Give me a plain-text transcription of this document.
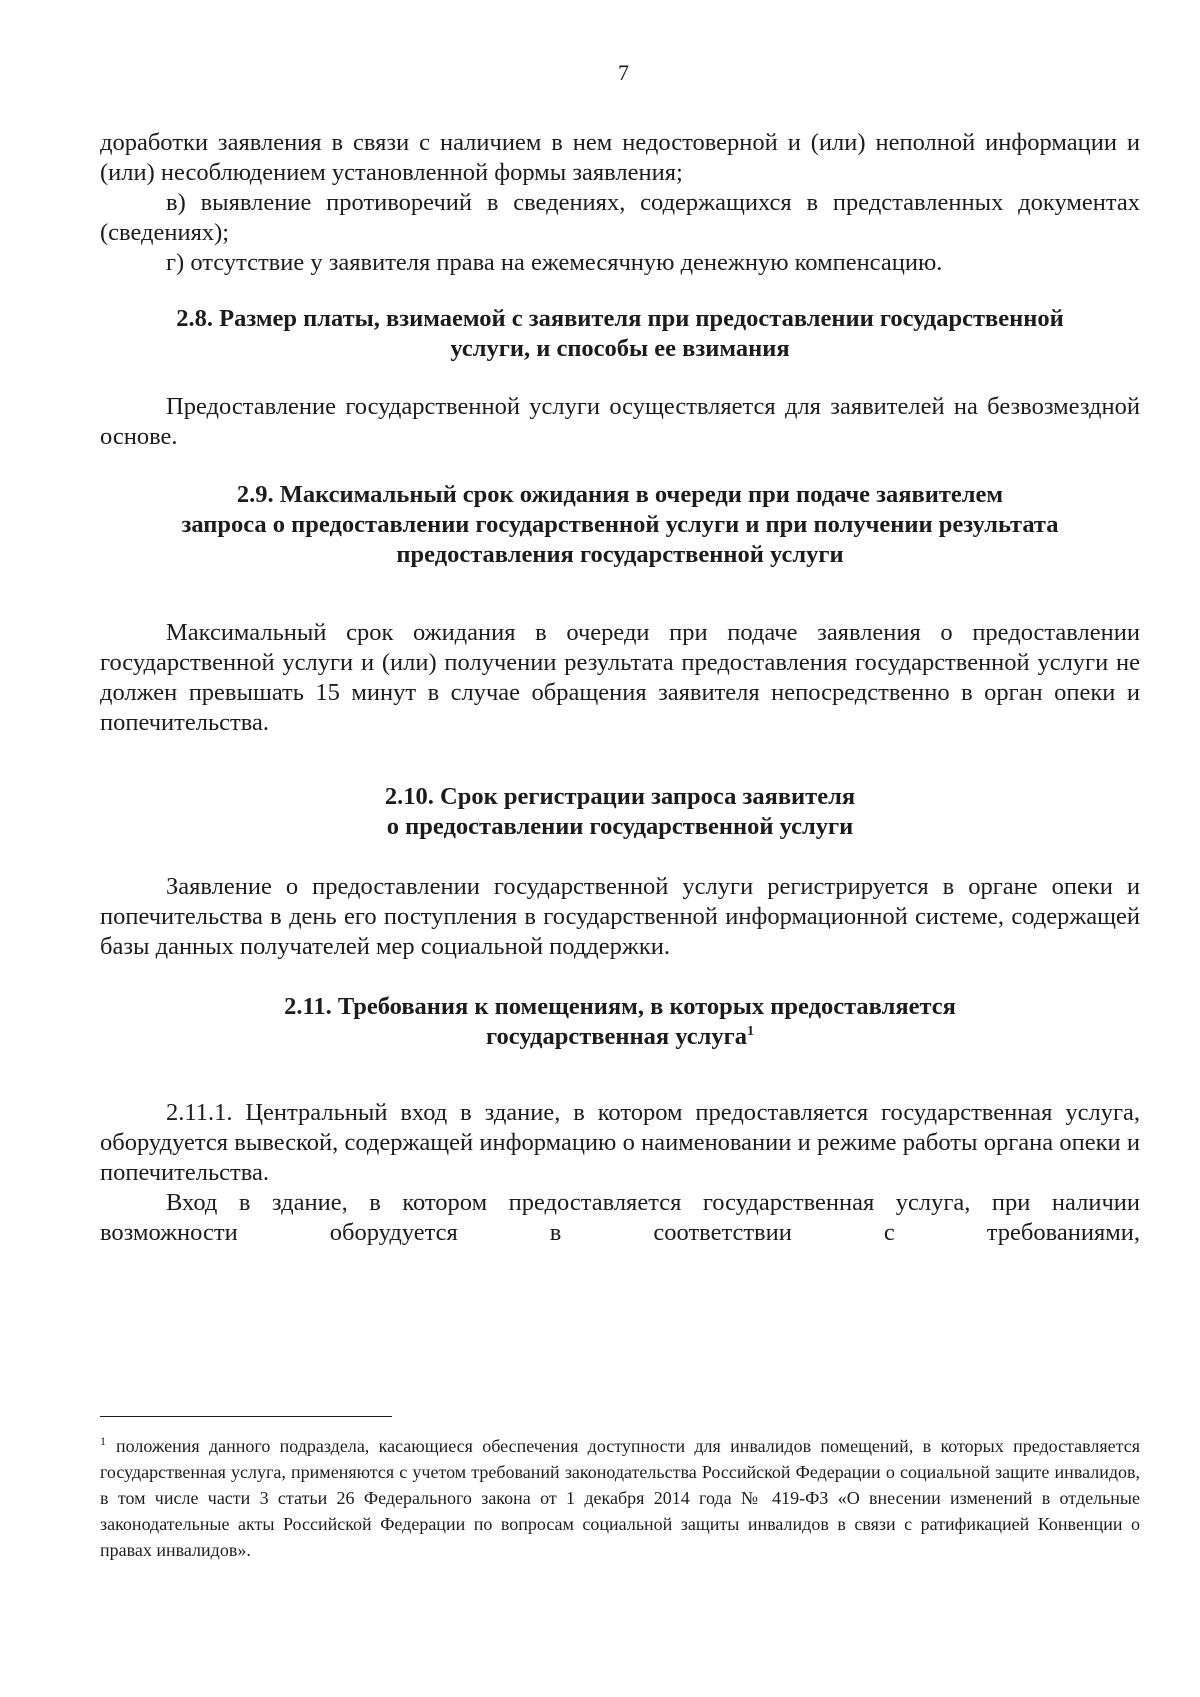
7

доработки заявления в связи с наличием в нем недостоверной и (или) неполной информации и (или) несоблюдением установленной формы заявления;

в) выявление противоречий в сведениях, содержащихся в представленных документах (сведениях);

г) отсутствие у заявителя права на ежемесячную денежную компенсацию.

2.8. Размер платы, взимаемой с заявителя при предоставлении государственной
услуги, и способы ее взимания

Предоставление государственной услуги осуществляется для заявителей на безвозмездной основе.

2.9. Максимальный срок ожидания в очереди при подаче заявителем
запроса о предоставлении государственной услуги и при получении результата
предоставления государственной услуги

Максимальный срок ожидания в очереди при подаче заявления о предоставлении государственной услуги и (или) получении результата предоставления государственной услуги не должен превышать 15 минут в случае обращения заявителя непосредственно в орган опеки и попечительства.

2.10. Срок регистрации запроса заявителя
о предоставлении государственной услуги

Заявление о предоставлении государственной услуги регистрируется в органе опеки и попечительства в день его поступления в государственной информационной системе, содержащей базы данных получателей мер социальной поддержки.

2.11. Требования к помещениям, в которых предоставляется
государственная услуга$^1$

2.11.1. Центральный вход в здание, в котором предоставляется государственная услуга, оборудуется вывеской, содержащей информацию о наименовании и режиме работы органа опеки и попечительства.

Вход в здание, в котором предоставляется государственная услуга, при наличии возможности оборудуется в соответствии с требованиями,

$^1$ положения данного подраздела, касающиеся обеспечения доступности для инвалидов помещений, в которых предоставляется государственная услуга, применяются с учетом требований законодательства Российской Федерации о социальной защите инвалидов, в том числе части 3 статьи 26 Федерального закона от 1 декабря 2014 года № 419-ФЗ «О внесении изменений в отдельные законодательные акты Российской Федерации по вопросам социальной защиты инвалидов в связи с ратификацией Конвенции о правах инвалидов».
